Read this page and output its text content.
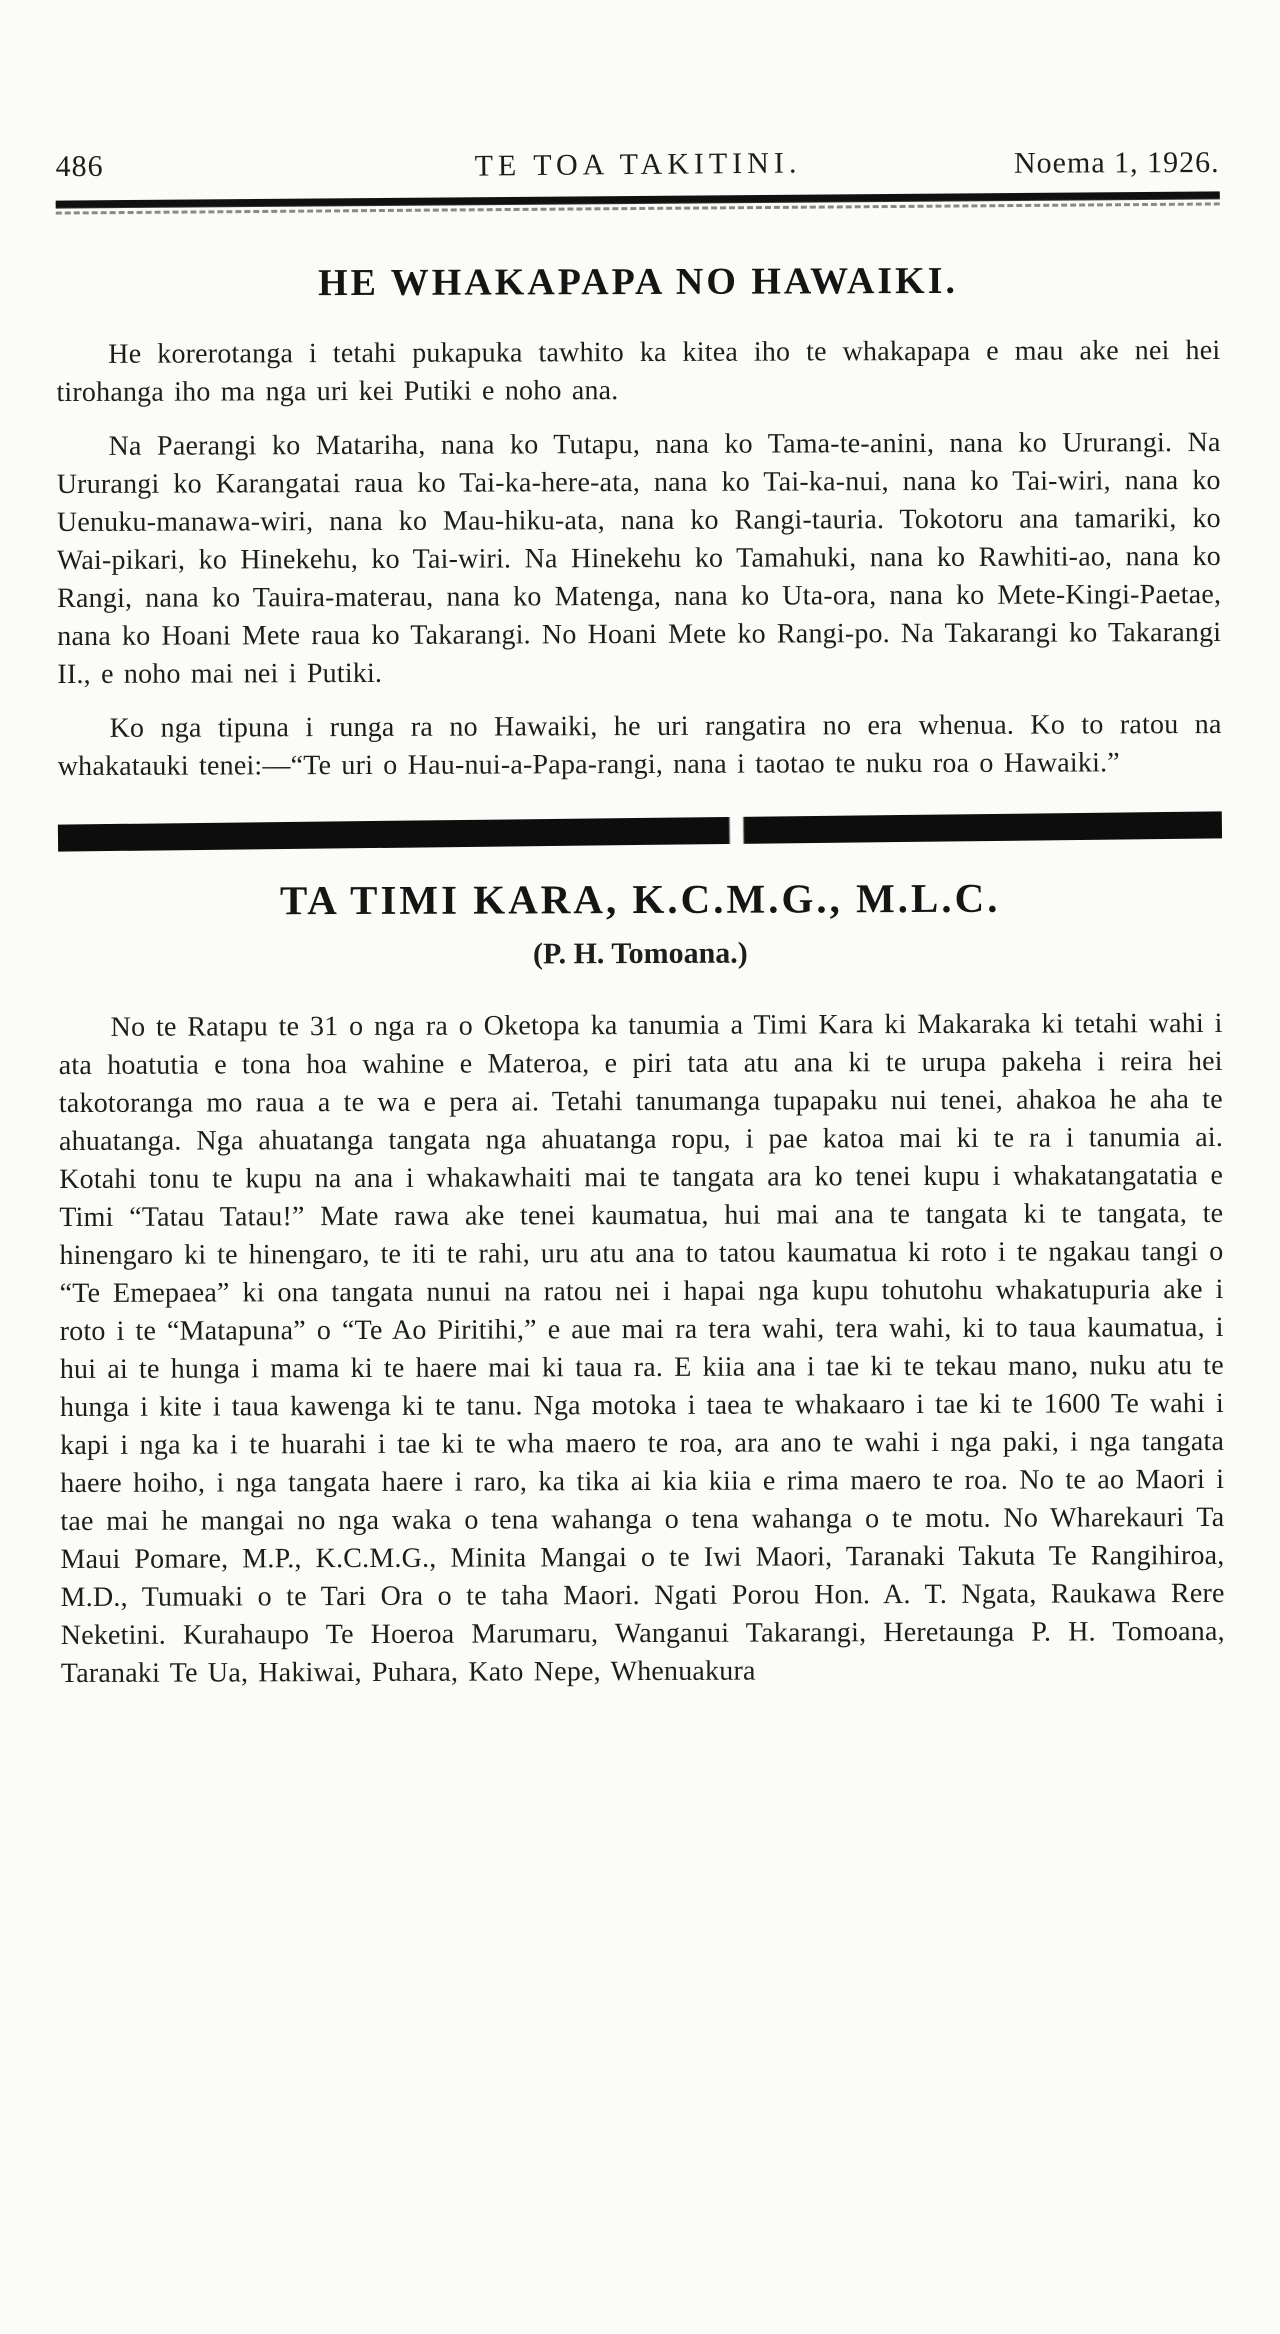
486	TE TOA TAKITINI.	Noema 1, 1926.
HE WHAKAPAPA NO HAWAIKI.

He korerotanga i tetahi pukapuka tawhito ka kitea iho te whakapapa e mau ake nei hei tirohanga iho ma nga uri kei Putiki e noho ana.

Na Paerangi ko Matariha, nana ko Tutapu, nana ko Tama-te-anini, nana ko Ururangi. Na Ururangi ko Karangatai raua ko Tai-ka-here-ata, nana ko Tai-ka-nui, nana ko Tai-wiri, nana ko Uenuku-manawa-wiri, nana ko Mau-hiku-ata, nana ko Rangi-tauria. Tokotoru ana tamariki, ko Wai-pikari, ko Hinekehu, ko Tai-wiri. Na Hinekehu ko Tamahuki, nana ko Rawhiti-ao, nana ko Rangi, nana ko Tauira-materau, nana ko Matenga, nana ko Uta-ora, nana ko Mete-Kingi-Paetae, nana ko Hoani Mete raua ko Takarangi. No Hoani Mete ko Rangi-po. Na Takarangi ko Takarangi II., e noho mai nei i Putiki.

Ko nga tipuna i runga ra no Hawaiki, he uri rangatira no era whenua. Ko to ratou na whakatauki tenei:—“Te uri o Hau-nui-a-Papa-rangi, nana i taotao te nuku roa o Hawaiki.”

TA TIMI KARA, K.C.M.G., M.L.C.
(P. H. Tomoana.)

No te Ratapu te 31 o nga ra o Oketopa ka tanumia a Timi Kara ki Makaraka ki tetahi wahi i ata hoatutia e tona hoa wahine e Materoa, e piri tata atu ana ki te urupa pakeha i reira hei takotoranga mo raua a te wa e pera ai. Tetahi tanumanga tupapaku nui tenei, ahakoa he aha te ahuatanga. Nga ahuatanga tangata nga ahuatanga ropu, i pae katoa mai ki te ra i tanumia ai. Kotahi tonu te kupu na ana i whakawhaiti mai te tangata ara ko tenei kupu i whakatangatatia e Timi “Tatau Tatau!” Mate rawa ake tenei kaumatua, hui mai ana te tangata ki te tangata, te hinengaro ki te hinengaro, te iti te rahi, uru atu ana to tatou kaumatua ki roto i te ngakau tangi o “Te Emepaea” ki ona tangata nunui na ratou nei i hapai nga kupu tohutohu whakatupuria ake i roto i te “Matapuna” o “Te Ao Piritihi,” e aue mai ra tera wahi, tera wahi, ki to taua kaumatua, i hui ai te hunga i mama ki te haere mai ki taua ra. E kiia ana i tae ki te tekau mano, nuku atu te hunga i kite i taua kawenga ki te tanu. Nga motoka i taea te whakaaro i tae ki te 1600 Te wahi i kapi i nga ka i te huarahi i tae ki te wha maero te roa, ara ano te wahi i nga paki, i nga tangata haere hoiho, i nga tangata haere i raro, ka tika ai kia kiia e rima maero te roa. No te ao Maori i tae mai he mangai no nga waka o tena wahanga o tena wahanga o te motu. No Wharekauri Ta Maui Pomare, M.P., K.C.M.G., Minita Mangai o te Iwi Maori, Taranaki Takuta Te Rangihiroa, M.D., Tumuaki o te Tari Ora o te taha Maori. Ngati Porou Hon. A. T. Ngata, Raukawa Rere Neketini. Kurahaupo Te Hoeroa Marumaru, Wanganui Takarangi, Heretaunga P. H. Tomoana, Taranaki Te Ua, Hakiwai, Puhara, Kato Nepe, Whenuakura
